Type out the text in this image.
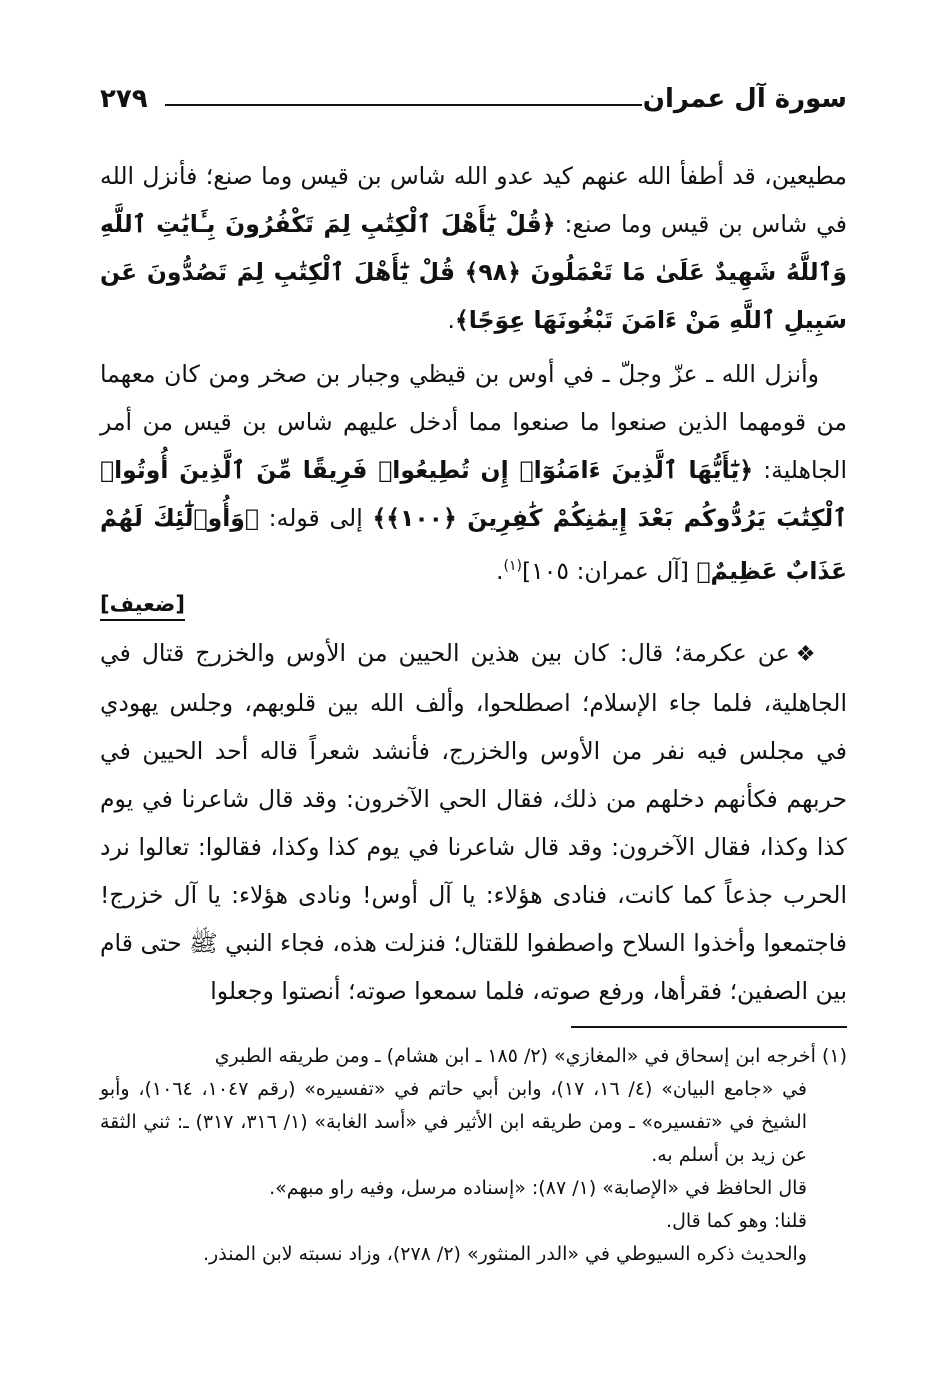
سورة آل عمران
٢٧٩

مطيعين، قد أطفأ الله عنهم كيد عدو الله شاس بن قيس وما صنع؛ فأنزل الله في شاس بن قيس وما صنع: ﴿قُلْ يَٰٓأَهْلَ ٱلْكِتَٰبِ لِمَ تَكْفُرُونَ بِـَٔايَٰتِ ٱللَّهِ وَٱللَّهُ شَهِيدٌ عَلَىٰ مَا تَعْمَلُونَ ﴿٩٨﴾ قُلْ يَٰٓأَهْلَ ٱلْكِتَٰبِ لِمَ تَصُدُّونَ عَن سَبِيلِ ٱللَّهِ مَنْ ءَامَنَ تَبْغُونَهَا عِوَجًا﴾.

وأنزل الله ـ عزّ وجلّ ـ في أوس بن قيظي وجبار بن صخر ومن كان معهما من قومهما الذين صنعوا ما صنعوا مما أدخل عليهم شاس بن قيس من أمر الجاهلية: ﴿يَٰٓأَيُّهَا ٱلَّذِينَ ءَامَنُوٓا۟ إِن تُطِيعُوا۟ فَرِيقًا مِّنَ ٱلَّذِينَ أُوتُوا۟ ٱلْكِتَٰبَ يَرُدُّوكُم بَعْدَ إِيمَٰنِكُمْ كَٰفِرِينَ ﴿١٠٠﴾﴾ إلى قوله: ﴿وَأُو۟لَٰٓئِكَ لَهُمْ عَذَابٌ عَظِيمٌ﴾ [آل عمران: ١٠٥]$^{(١)}$.

[ضعيف]

❖عن عكرمة؛ قال: كان بين هذين الحيين من الأوس والخزرج قتال في الجاهلية، فلما جاء الإسلام؛ اصطلحوا، وألف الله بين قلوبهم، وجلس يهودي في مجلس فيه نفر من الأوس والخزرج، فأنشد شعراً قاله أحد الحيين في حربهم فكأنهم دخلهم من ذلك، فقال الحي الآخرون: وقد قال شاعرنا في يوم كذا وكذا، فقال الآخرون: وقد قال شاعرنا في يوم كذا وكذا، فقالوا: تعالوا نرد الحرب جذعاً كما كانت، فنادى هؤلاء: يا آل أوس! ونادى هؤلاء: يا آل خزرج! فاجتمعوا وأخذوا السلاح واصطفوا للقتال؛ فنزلت هذه، فجاء النبي ﷺ حتى قام بين الصفين؛ فقرأها، ورفع صوته، فلما سمعوا صوته؛ أنصتوا وجعلوا

(١) أخرجه ابن إسحاق في «المغازي» (٢/ ١٨٥ ـ ابن هشام) ـ ومن طريقه الطبري

في «جامع البيان» (٤/ ١٦، ١٧)، وابن أبي حاتم في «تفسيره» (رقم ١٠٤٧، ١٠٦٤)، وأبو الشيخ في «تفسيره» ـ ومن طريقه ابن الأثير في «أسد الغابة» (١/ ٣١٦، ٣١٧) ـ: ثني الثقة عن زيد بن أسلم به.

قال الحافظ في «الإصابة» (١/ ٨٧): «إسناده مرسل، وفيه راو مبهم».

قلنا: وهو كما قال.

والحديث ذكره السيوطي في «الدر المنثور» (٢/ ٢٧٨)، وزاد نسبته لابن المنذر.
